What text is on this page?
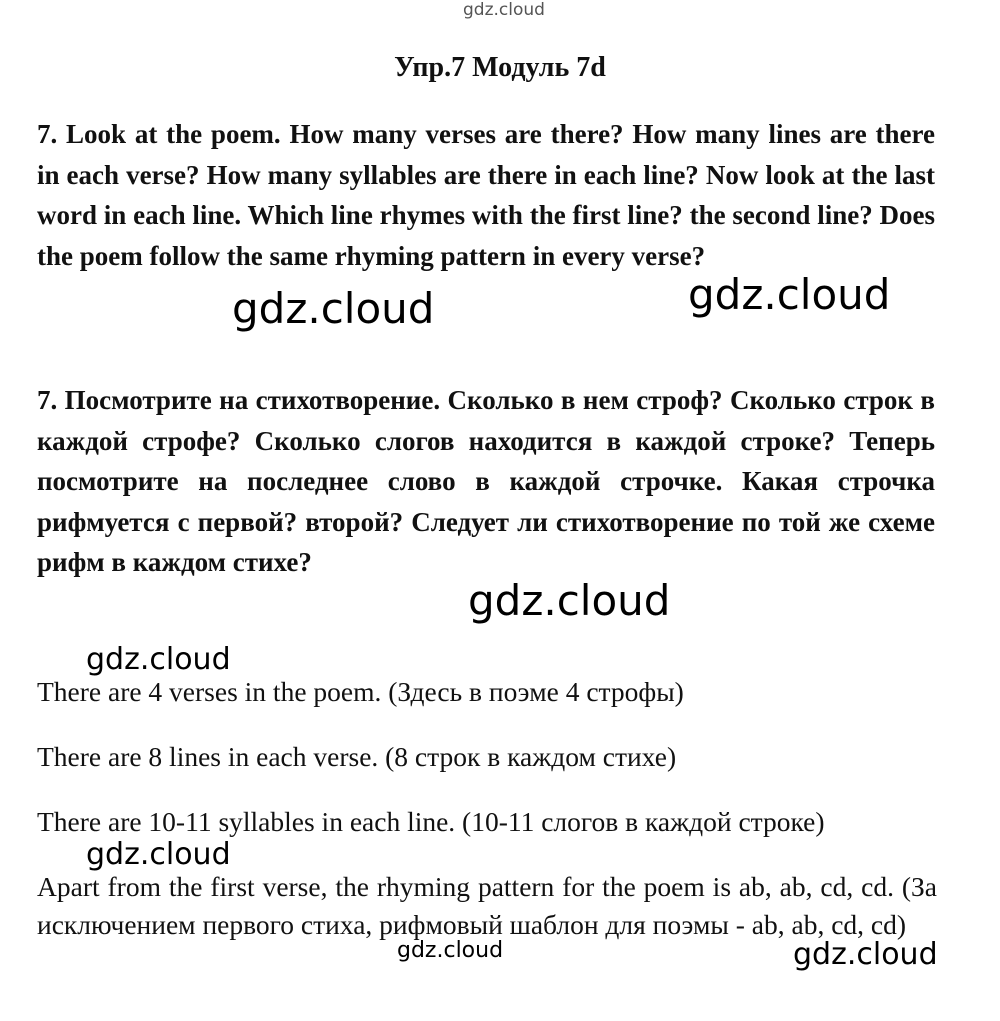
gdz.cloud
Упр.7 Модуль 7d
7. Look at the poem. How many verses are there? How many lines are there in each verse? How many syllables are there in each line? Now look at the last word in each line. Which line rhymes with the first line? the second line? Does the poem follow the same rhyming pattern in every verse?
gdz.cloud	gdz.cloud
7. Посмотрите на стихотворение. Сколько в нем строф? Сколько строк в каждой строфе? Сколько слогов находится в каждой строке? Теперь посмотрите на последнее слово в каждой строчке. Какая строчка рифмуется с первой? второй? Следует ли стихотворение по той же схеме рифм в каждом стихе?
gdz.cloud
gdz.cloud
There are 4 verses in the poem. (Здесь в поэме 4 строфы)
There are 8 lines in each verse. (8 строк в каждом стихе)
There are 10-11 syllables in each line. (10-11 слогов в каждой строке)
gdz.cloud
Apart from the first verse, the rhyming pattern for the poem is ab, ab, cd, cd. (За исключением первого стиха, рифмовый шаблон для поэмы - ab, ab, cd, cd)
gdz.cloud	gdz.cloud
